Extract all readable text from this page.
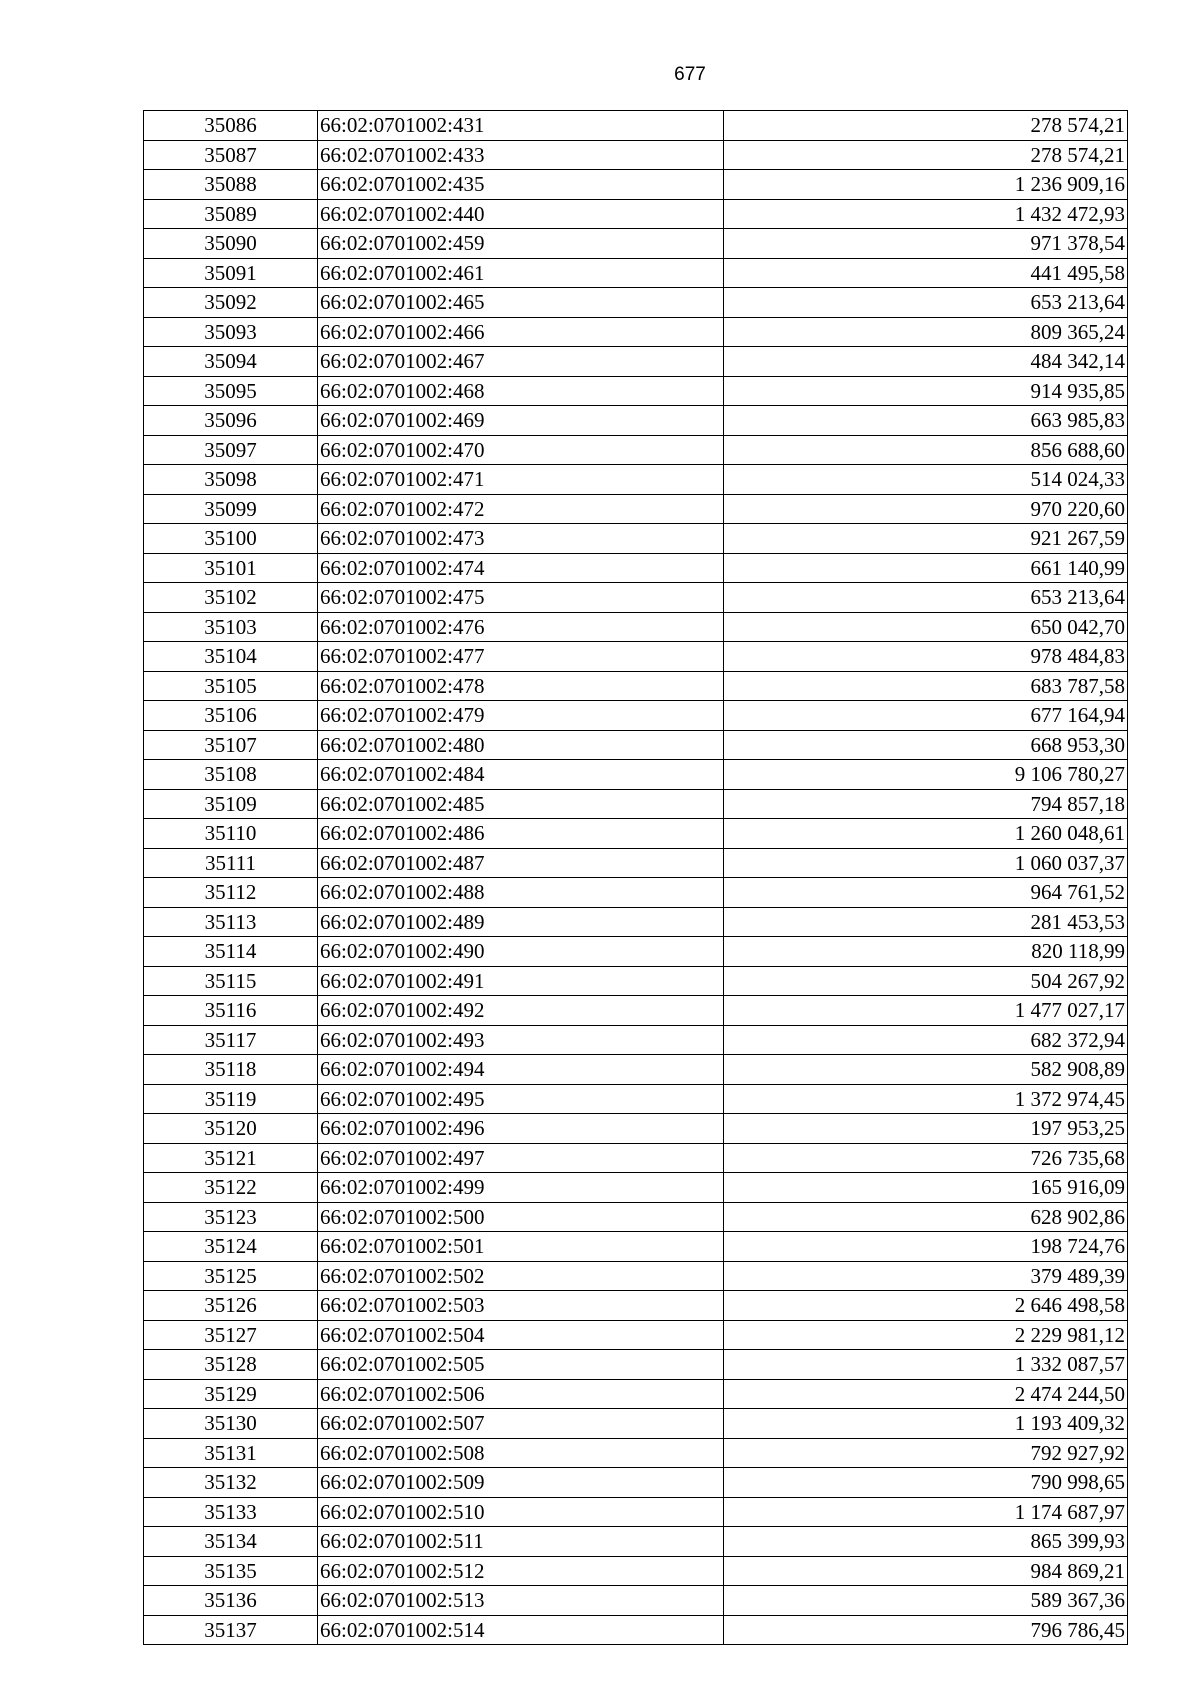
677
35086	66:02:0701002:431	278 574,21
35087	66:02:0701002:433	278 574,21
35088	66:02:0701002:435	1 236 909,16
35089	66:02:0701002:440	1 432 472,93
35090	66:02:0701002:459	971 378,54
35091	66:02:0701002:461	441 495,58
35092	66:02:0701002:465	653 213,64
35093	66:02:0701002:466	809 365,24
35094	66:02:0701002:467	484 342,14
35095	66:02:0701002:468	914 935,85
35096	66:02:0701002:469	663 985,83
35097	66:02:0701002:470	856 688,60
35098	66:02:0701002:471	514 024,33
35099	66:02:0701002:472	970 220,60
35100	66:02:0701002:473	921 267,59
35101	66:02:0701002:474	661 140,99
35102	66:02:0701002:475	653 213,64
35103	66:02:0701002:476	650 042,70
35104	66:02:0701002:477	978 484,83
35105	66:02:0701002:478	683 787,58
35106	66:02:0701002:479	677 164,94
35107	66:02:0701002:480	668 953,30
35108	66:02:0701002:484	9 106 780,27
35109	66:02:0701002:485	794 857,18
35110	66:02:0701002:486	1 260 048,61
35111	66:02:0701002:487	1 060 037,37
35112	66:02:0701002:488	964 761,52
35113	66:02:0701002:489	281 453,53
35114	66:02:0701002:490	820 118,99
35115	66:02:0701002:491	504 267,92
35116	66:02:0701002:492	1 477 027,17
35117	66:02:0701002:493	682 372,94
35118	66:02:0701002:494	582 908,89
35119	66:02:0701002:495	1 372 974,45
35120	66:02:0701002:496	197 953,25
35121	66:02:0701002:497	726 735,68
35122	66:02:0701002:499	165 916,09
35123	66:02:0701002:500	628 902,86
35124	66:02:0701002:501	198 724,76
35125	66:02:0701002:502	379 489,39
35126	66:02:0701002:503	2 646 498,58
35127	66:02:0701002:504	2 229 981,12
35128	66:02:0701002:505	1 332 087,57
35129	66:02:0701002:506	2 474 244,50
35130	66:02:0701002:507	1 193 409,32
35131	66:02:0701002:508	792 927,92
35132	66:02:0701002:509	790 998,65
35133	66:02:0701002:510	1 174 687,97
35134	66:02:0701002:511	865 399,93
35135	66:02:0701002:512	984 869,21
35136	66:02:0701002:513	589 367,36
35137	66:02:0701002:514	796 786,45
